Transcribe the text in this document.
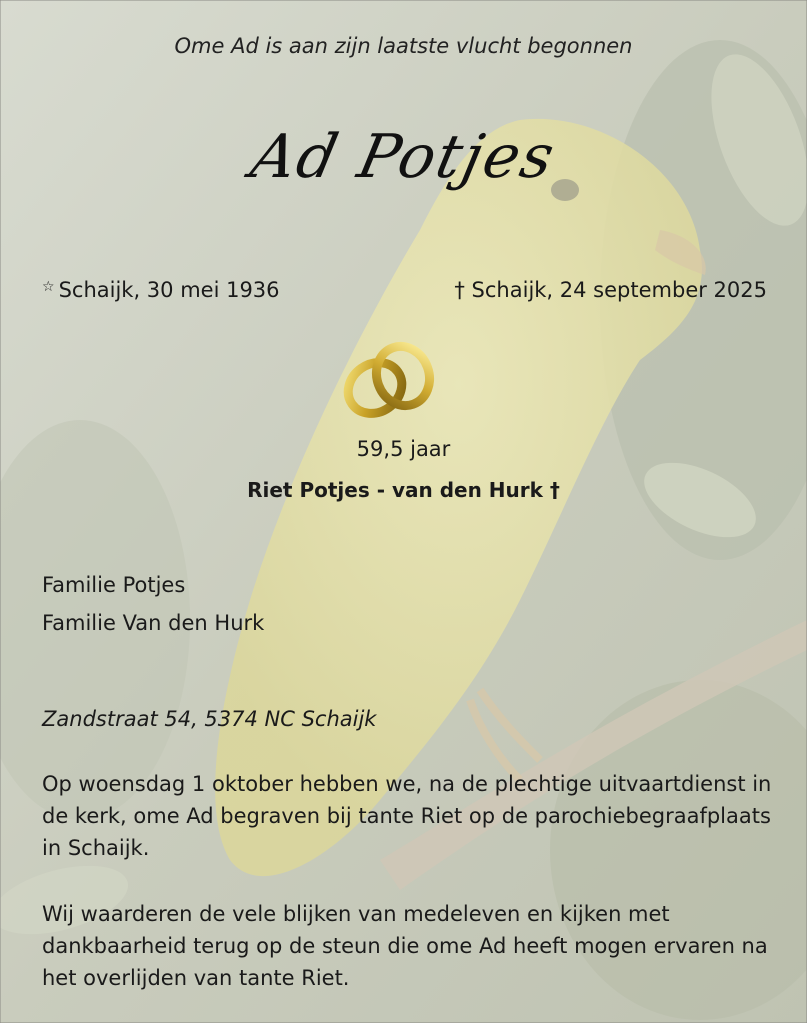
Ome Ad is aan zijn laatste vlucht begonnen
Ad Potjes
☆ Schaijk, 30 mei 1936	† Schaijk, 24 september 2025
59,5 jaar
Riet Potjes - van den Hurk †
Familie Potjes
Familie Van den Hurk
Zandstraat 54, 5374 NC Schaijk
Op woensdag 1 oktober hebben we, na de plechtige uitvaartdienst in de kerk, ome Ad begraven bij tante Riet op de parochiebegraafplaats in Schaijk.
Wij waarderen de vele blijken van medeleven en kijken met dankbaarheid terug op de steun die ome Ad heeft mogen ervaren na het overlijden van tante Riet.
